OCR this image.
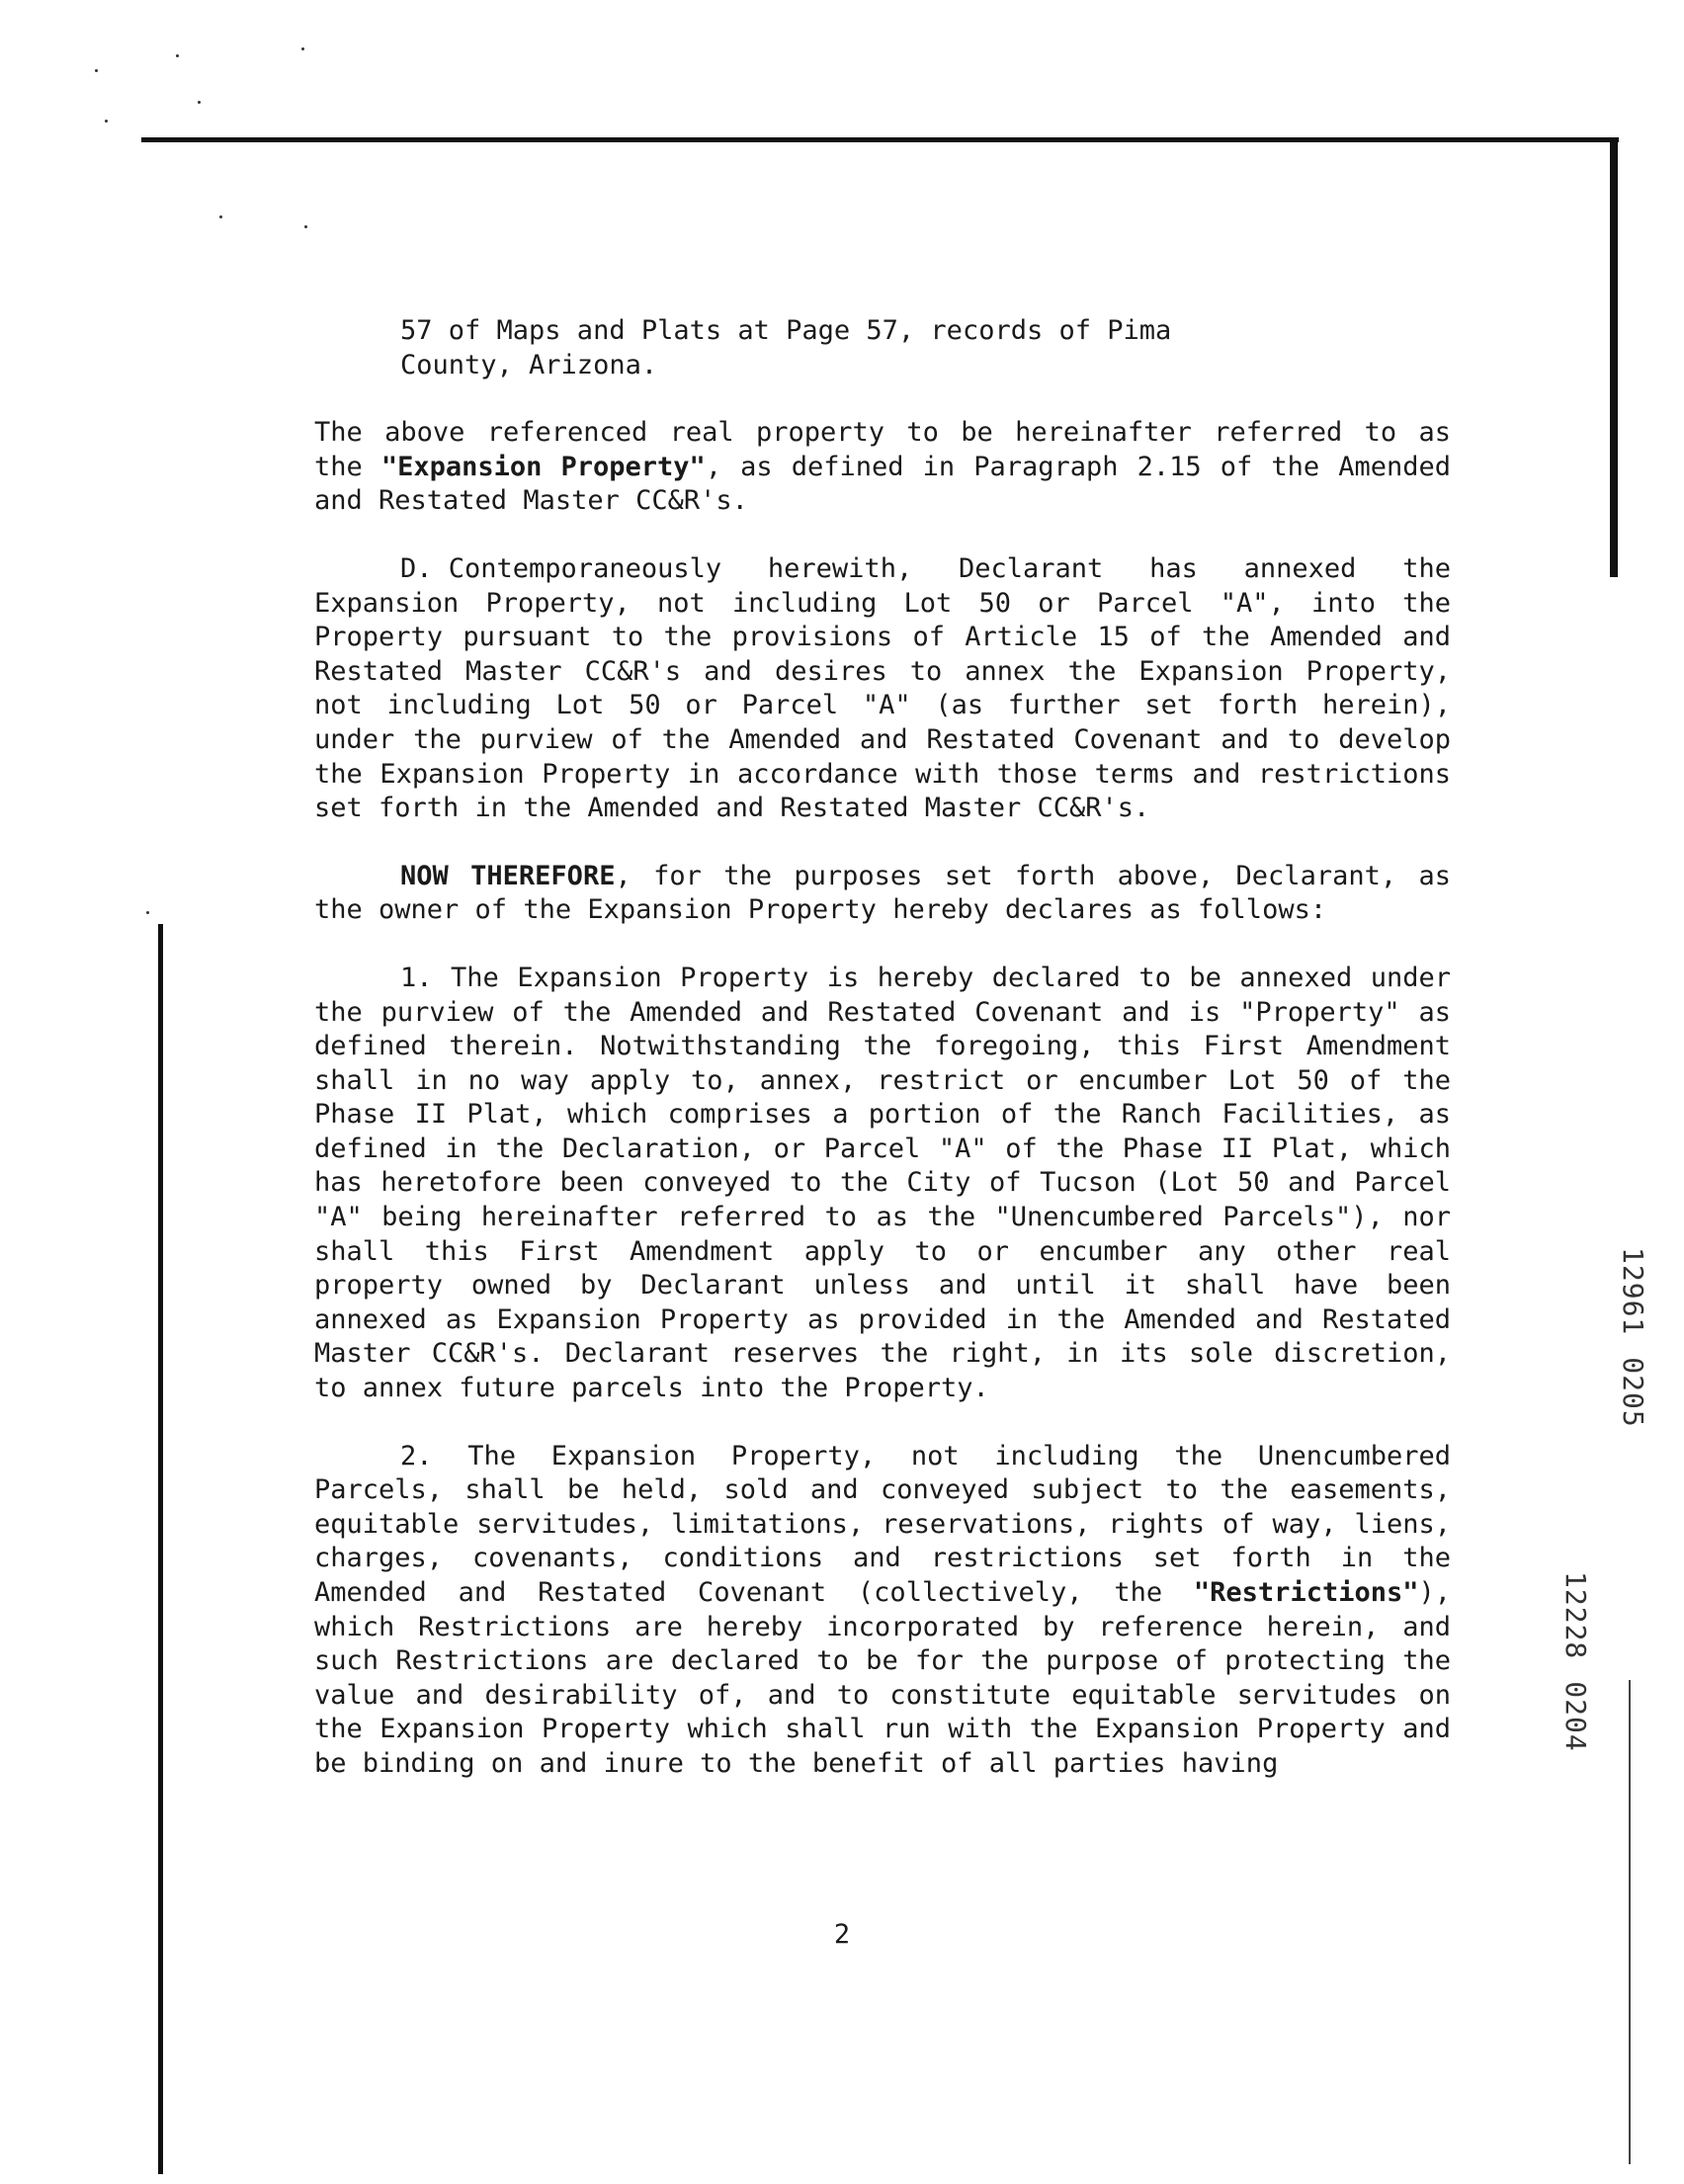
57 of Maps and Plats at Page 57, records of Pima
County, Arizona.

The above referenced real property to be hereinafter referred to as the "Expansion Property", as defined in Paragraph 2.15 of the Amended and Restated Master CC&R's.

D. Contemporaneously herewith, Declarant has annexed the Expansion Property, not including Lot 50 or Parcel "A", into the Property pursuant to the provisions of Article 15 of the Amended and Restated Master CC&R's and desires to annex the Expansion Property, not including Lot 50 or Parcel "A" (as further set forth herein), under the purview of the Amended and Restated Covenant and to develop the Expansion Property in accordance with those terms and restrictions set forth in the Amended and Restated Master CC&R's.

NOW THEREFORE, for the purposes set forth above, Declarant, as the owner of the Expansion Property hereby declares as follows:

1. The Expansion Property is hereby declared to be annexed under the purview of the Amended and Restated Covenant and is "Property" as defined therein. Notwithstanding the foregoing, this First Amendment shall in no way apply to, annex, restrict or encumber Lot 50 of the Phase II Plat, which comprises a portion of the Ranch Facilities, as defined in the Declaration, or Parcel "A" of the Phase II Plat, which has heretofore been conveyed to the City of Tucson (Lot 50 and Parcel "A" being hereinafter referred to as the "Unencumbered Parcels"), nor shall this First Amendment apply to or encumber any other real property owned by Declarant unless and until it shall have been annexed as Expansion Property as provided in the Amended and Restated Master CC&R's. Declarant reserves the right, in its sole discretion, to annex future parcels into the Property.

2. The Expansion Property, not including the Unencumbered Parcels, shall be held, sold and conveyed subject to the easements, equitable servitudes, limitations, reservations, rights of way, liens, charges, covenants, conditions and restrictions set forth in the Amended and Restated Covenant (collectively, the "Restrictions"), which Restrictions are hereby incorporated by reference herein, and such Restrictions are declared to be for the purpose of protecting the value and desirability of, and to constitute equitable servitudes on the Expansion Property which shall run with the Expansion Property and be binding on and inure to the benefit of all parties having

2
129610205
122280204
